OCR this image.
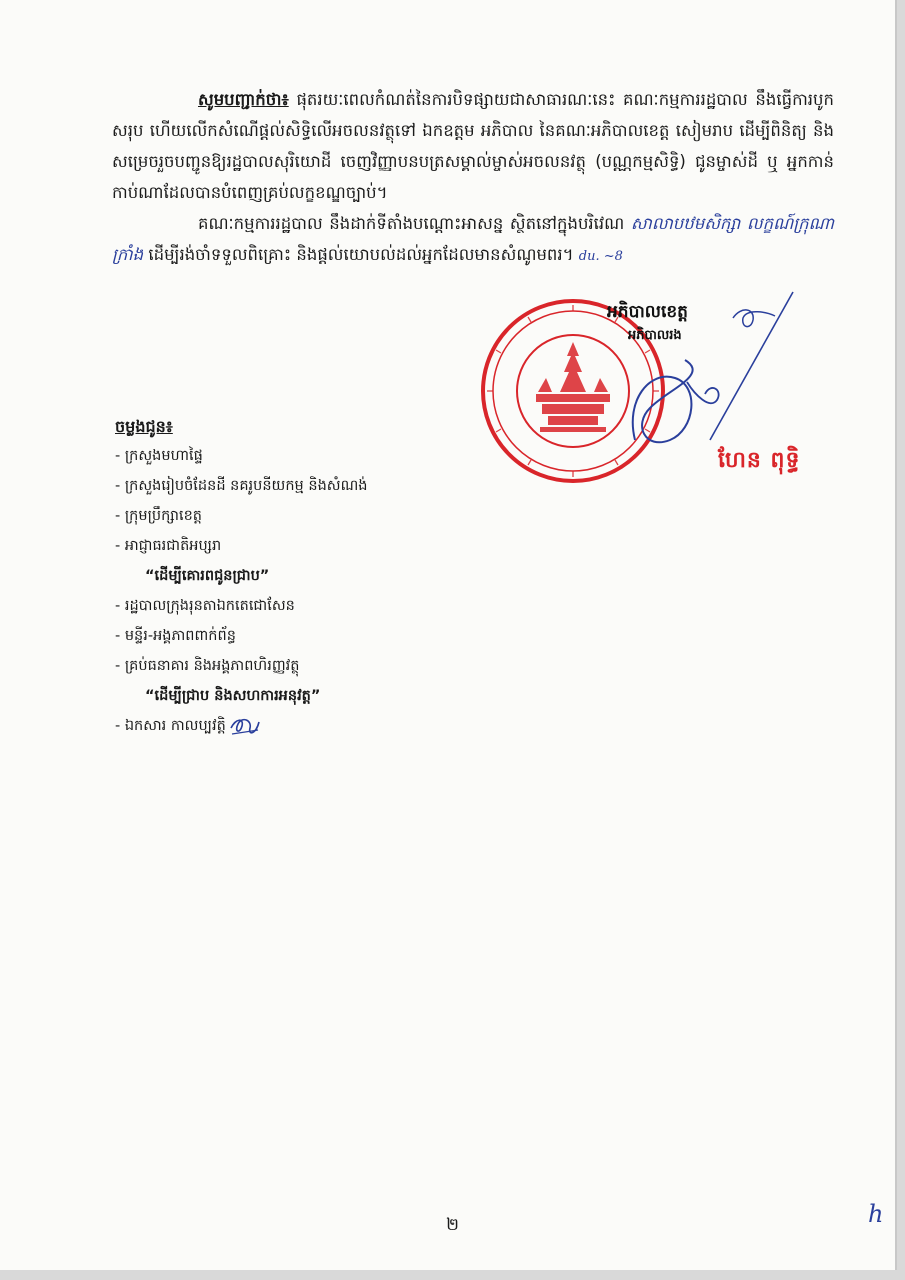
សូមបញ្ជាក់ថា៖ ផុតរយៈពេលកំណត់នៃការបិទផ្សាយជាសាធារណៈនេះ គណៈកម្មការរដ្ឋបាល នឹងធ្វើការបូកសរុប ហើយលើកសំណើផ្តល់សិទ្ធិលើអចលនវត្ថុទៅ ឯកឧត្តម អភិបាល នៃគណៈអភិបាលខេត្ត សៀមរាប ដើម្បីពិនិត្យ និងសម្រេចរួចបញ្ជូនឱ្យរដ្ឋបាលសុរិយោដី ចេញវិញ្ញាបនបត្រសម្គាល់ម្ចាស់អចលនវត្ថុ (បណ្ណកម្មសិទ្ធិ) ជូនម្ចាស់ដី ឬ អ្នកកាន់កាប់ណាដែលបានបំពេញគ្រប់លក្ខខណ្ឌច្បាប់។

គណៈកម្មការរដ្ឋបាល នឹងដាក់ទីតាំងបណ្តោះអាសន្ន ស្ថិតនៅក្នុងបរិវេណ សាលាបឋមសិក្សា លក្ខណ៍ក្រុណាក្រាំង ដើម្បីរង់ចាំទទួលពិគ្រោះ និងផ្តល់យោបល់ដល់អ្នកដែលមានសំណូមពរ។ du. ~8

អភិបាលខេត្ត
អភិបាលរង
ហែន ពុទ្ធិ

ចម្លងជូន៖

- ក្រសួងមហាផ្ទៃ
- ក្រសួងរៀបចំដែនដី នគរូបនីយកម្ម និងសំណង់
- ក្រុមប្រឹក្សាខេត្ត
- អាជ្ញាធរជាតិអប្សរា
“ដើម្បីគោរពជូនជ្រាប”
- រដ្ឋបាលក្រុងរុនតាឯកតេជោសែន
- មន្ទីរ-អង្គភាពពាក់ព័ន្ធ
- គ្រប់ធនាគារ និងអង្គភាពហិរញ្ញវត្ថុ
“ដើម្បីជ្រាប និងសហការអនុវត្ត”
- ឯកសារ កាលប្បវត្តិ
២	h
